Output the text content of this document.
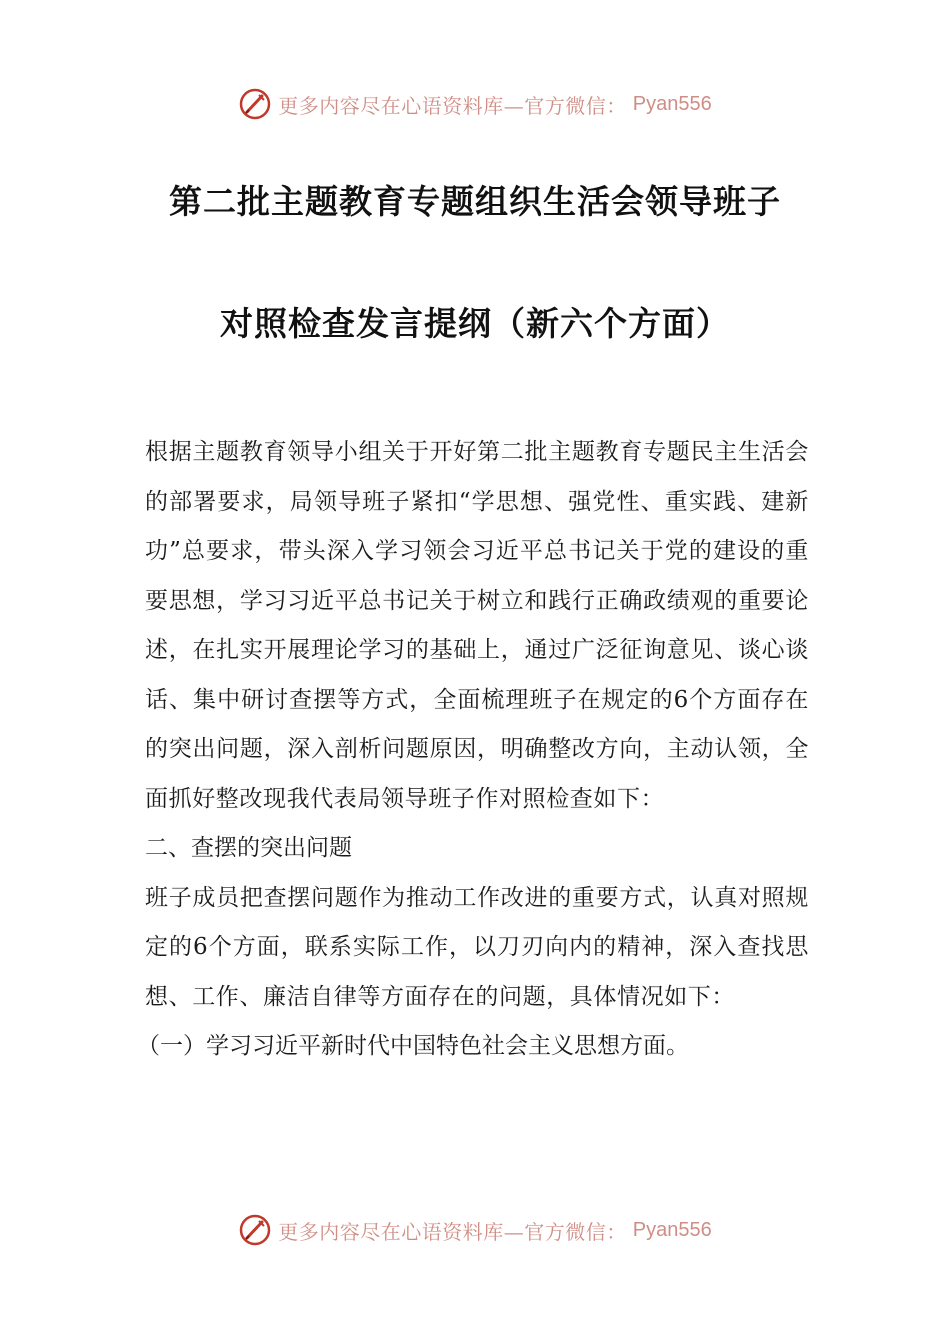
更多内容尽在心语资料库—官方微信： Pyan556
第二批主题教育专题组织生活会领导班子
对照检查发言提纲（新六个方面）

根据主题教育领导小组关于开好第二批主题教育专题民主生活会的部署要求，局领导班子紧扣“学思想、强党性、重实践、建新功”总要求，带头深入学习领会习近平总书记关于党的建设的重要思想，学习习近平总书记关于树立和践行正确政绩观的重要论述，在扎实开展理论学习的基础上，通过广泛征询意见、谈心谈话、集中研讨查摆等方式，全面梳理班子在规定的6个方面存在的突出问题，深入剖析问题原因，明确整改方向，主动认领，全面抓好整改现我代表局领导班子作对照检查如下：

二、查摆的突出问题

班子成员把查摆问题作为推动工作改进的重要方式，认真对照规定的6个方面，联系实际工作，以刀刃向内的精神，深入查找思想、工作、廉洁自律等方面存在的问题，具体情况如下：

（一）学习习近平新时代中国特色社会主义思想方面。

更多内容尽在心语资料库—官方微信： Pyan556
